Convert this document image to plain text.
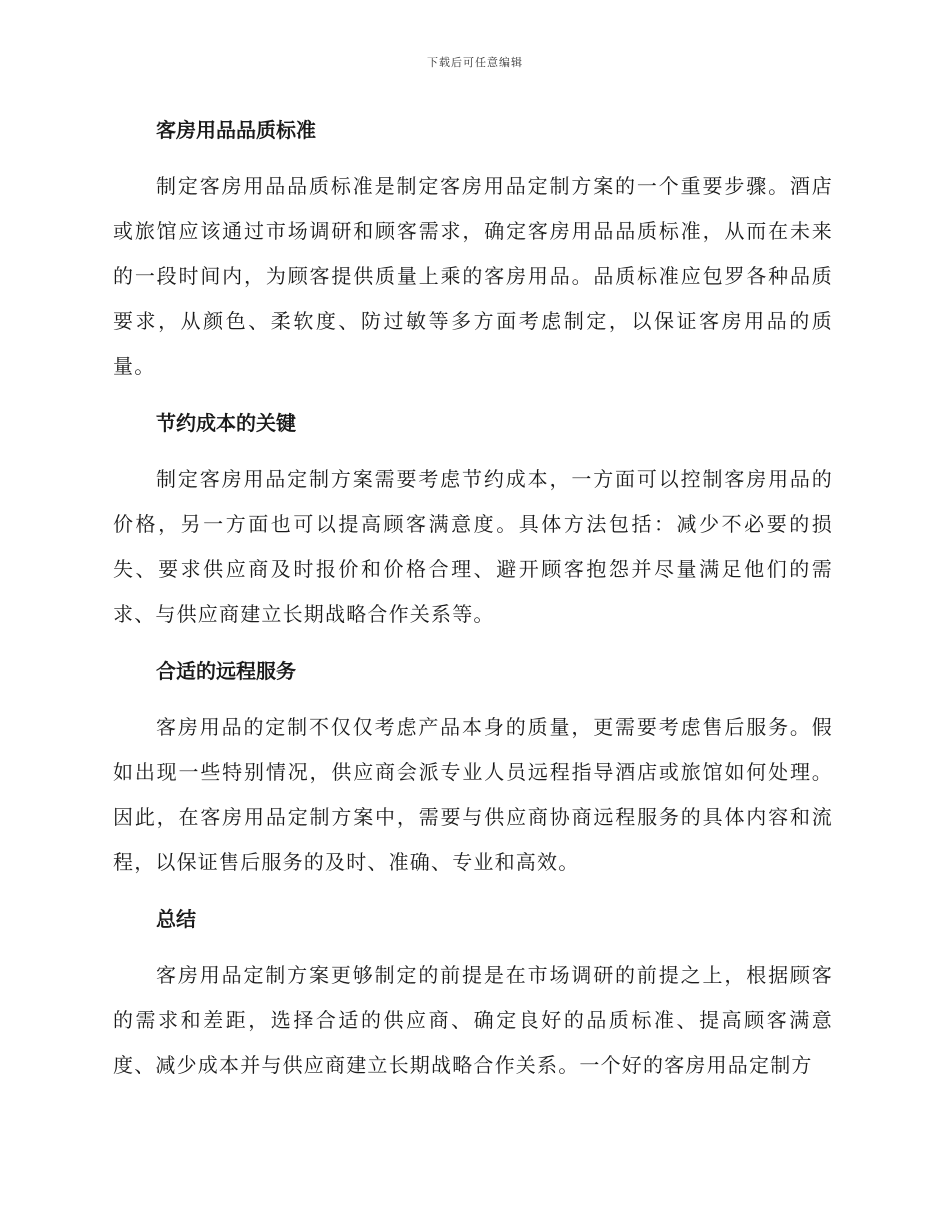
下载后可任意编辑
客房用品品质标准

制定客房用品品质标准是制定客房用品定制方案的一个重要步骤。酒店或旅馆应该通过市场调研和顾客需求，确定客房用品品质标准，从而在未来的一段时间内，为顾客提供质量上乘的客房用品。品质标准应包罗各种品质要求，从颜色、柔软度、防过敏等多方面考虑制定，以保证客房用品的质量。

节约成本的关键

制定客房用品定制方案需要考虑节约成本，一方面可以控制客房用品的价格，另一方面也可以提高顾客满意度。具体方法包括：减少不必要的损失、要求供应商及时报价和价格合理、避开顾客抱怨并尽量满足他们的需求、与供应商建立长期战略合作关系等。

合适的远程服务

客房用品的定制不仅仅考虑产品本身的质量，更需要考虑售后服务。假如出现一些特别情况，供应商会派专业人员远程指导酒店或旅馆如何处理。因此，在客房用品定制方案中，需要与供应商协商远程服务的具体内容和流程，以保证售后服务的及时、准确、专业和高效。

总结

客房用品定制方案更够制定的前提是在市场调研的前提之上，根据顾客的需求和差距，选择合适的供应商、确定良好的品质标准、提高顾客满意度、减少成本并与供应商建立长期战略合作关系。一个好的客房用品定制方
